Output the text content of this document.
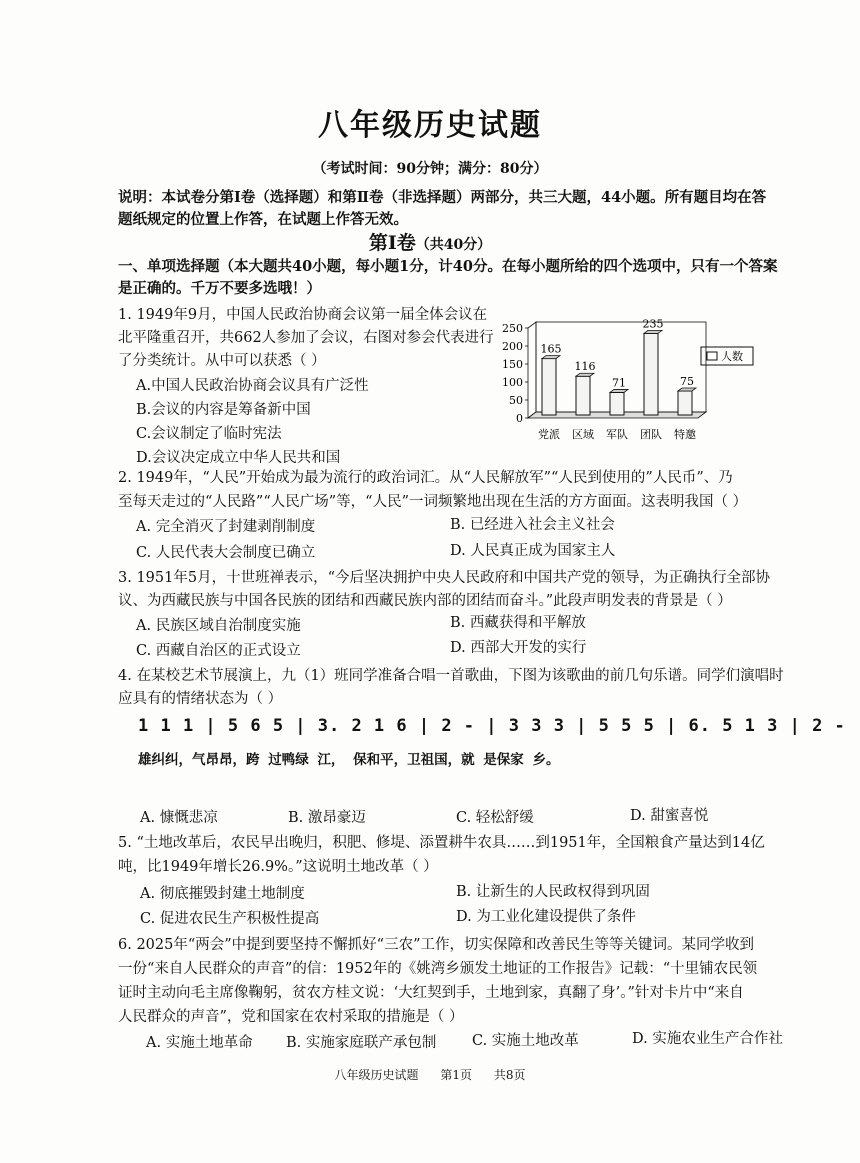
八年级历史试题
（考试时间：90分钟；满分：80分）
说明：本试卷分第Ⅰ卷（选择题）和第Ⅱ卷（非选择题）两部分，共三大题，44小题。所有题目均在答
题纸规定的位置上作答，在试题上作答无效。
第Ⅰ卷（共40分）
一、单项选择题（本大题共40小题，每小题1分，计40分。在每小题所给的四个选项中，只有一个答案
是正确的。千万不要多选哦！）
1. 1949年9月，中国人民政治协商会议第一届全体会议在
北平隆重召开，共662人参加了会议，右图对参会代表进行
了分类统计。从中可以获悉（ ）
A.中国人民政治协商会议具有广泛性
B.会议的内容是筹备新中国
C.会议制定了临时宪法
D.会议决定成立中华人民共和国
250
200
150
100
50
0
165
116
71
235
75
党派 区域 军队 团队 特邀
人数
2. 1949年，“人民”开始成为最为流行的政治词汇。从“人民解放军”“人民到使用的”人民币”、乃
至每天走过的“人民路”“人民广场”等，“人民”一词频繁地出现在生活的方方面面。这表明我国（ ）
A. 完全消灭了封建剥削制度	B. 已经进入社会主义社会
C. 人民代表大会制度已确立	D. 人民真正成为国家主人
3. 1951年5月，十世班禅表示，“今后坚决拥护中央人民政府和中国共产党的领导，为正确执行全部协
议、为西藏民族与中国各民族的团结和西藏民族内部的团结而奋斗。”此段声明发表的背景是（ ）
A. 民族区域自治制度实施	B. 西藏获得和平解放
C. 西藏自治区的正式设立	D. 西部大开发的实行
4. 在某校艺术节展演上，九（1）班同学准备合唱一首歌曲，下图为该歌曲的前几句乐谱。同学们演唱时
应具有的情绪状态为（ ）
1 1 1 | 5 6 5 | 3. 2 1 6 | 2 - | 3 3 3 | 5 5 5 | 6. 5 1 3 | 2 -
雄纠纠，气昂昂，跨 过鸭绿 江， 保和平，卫祖国，就 是保家 乡。
A. 慷慨悲凉	B. 激昂豪迈	C. 轻松舒缓	D. 甜蜜喜悦
5. “土地改革后，农民早出晚归，积肥、修堤、添置耕牛农具……到1951年，全国粮食产量达到14亿
吨，比1949年增长26.9%。”这说明土地改革（ ）
A. 彻底摧毁封建土地制度	B. 让新生的人民政权得到巩固
C. 促进农民生产积极性提高	D. 为工业化建设提供了条件
6. 2025年“两会”中提到要坚持不懈抓好“三农”工作，切实保障和改善民生等等关键词。某同学收到
一份“来自人民群众的声音”的信：1952年的《姚湾乡颁发土地证的工作报告》记载：“十里铺农民领
证时主动向毛主席像鞠躬，贫农方桂文说：‘大红契到手，土地到家，真翻了身’。”针对卡片中“来自
人民群众的声音”，党和国家在农村采取的措施是（ ）
A. 实施土地革命 B. 实施家庭联产承包制 C. 实施土地改革	D. 实施农业生产合作社
八年级历史试题 第1页 共8页
